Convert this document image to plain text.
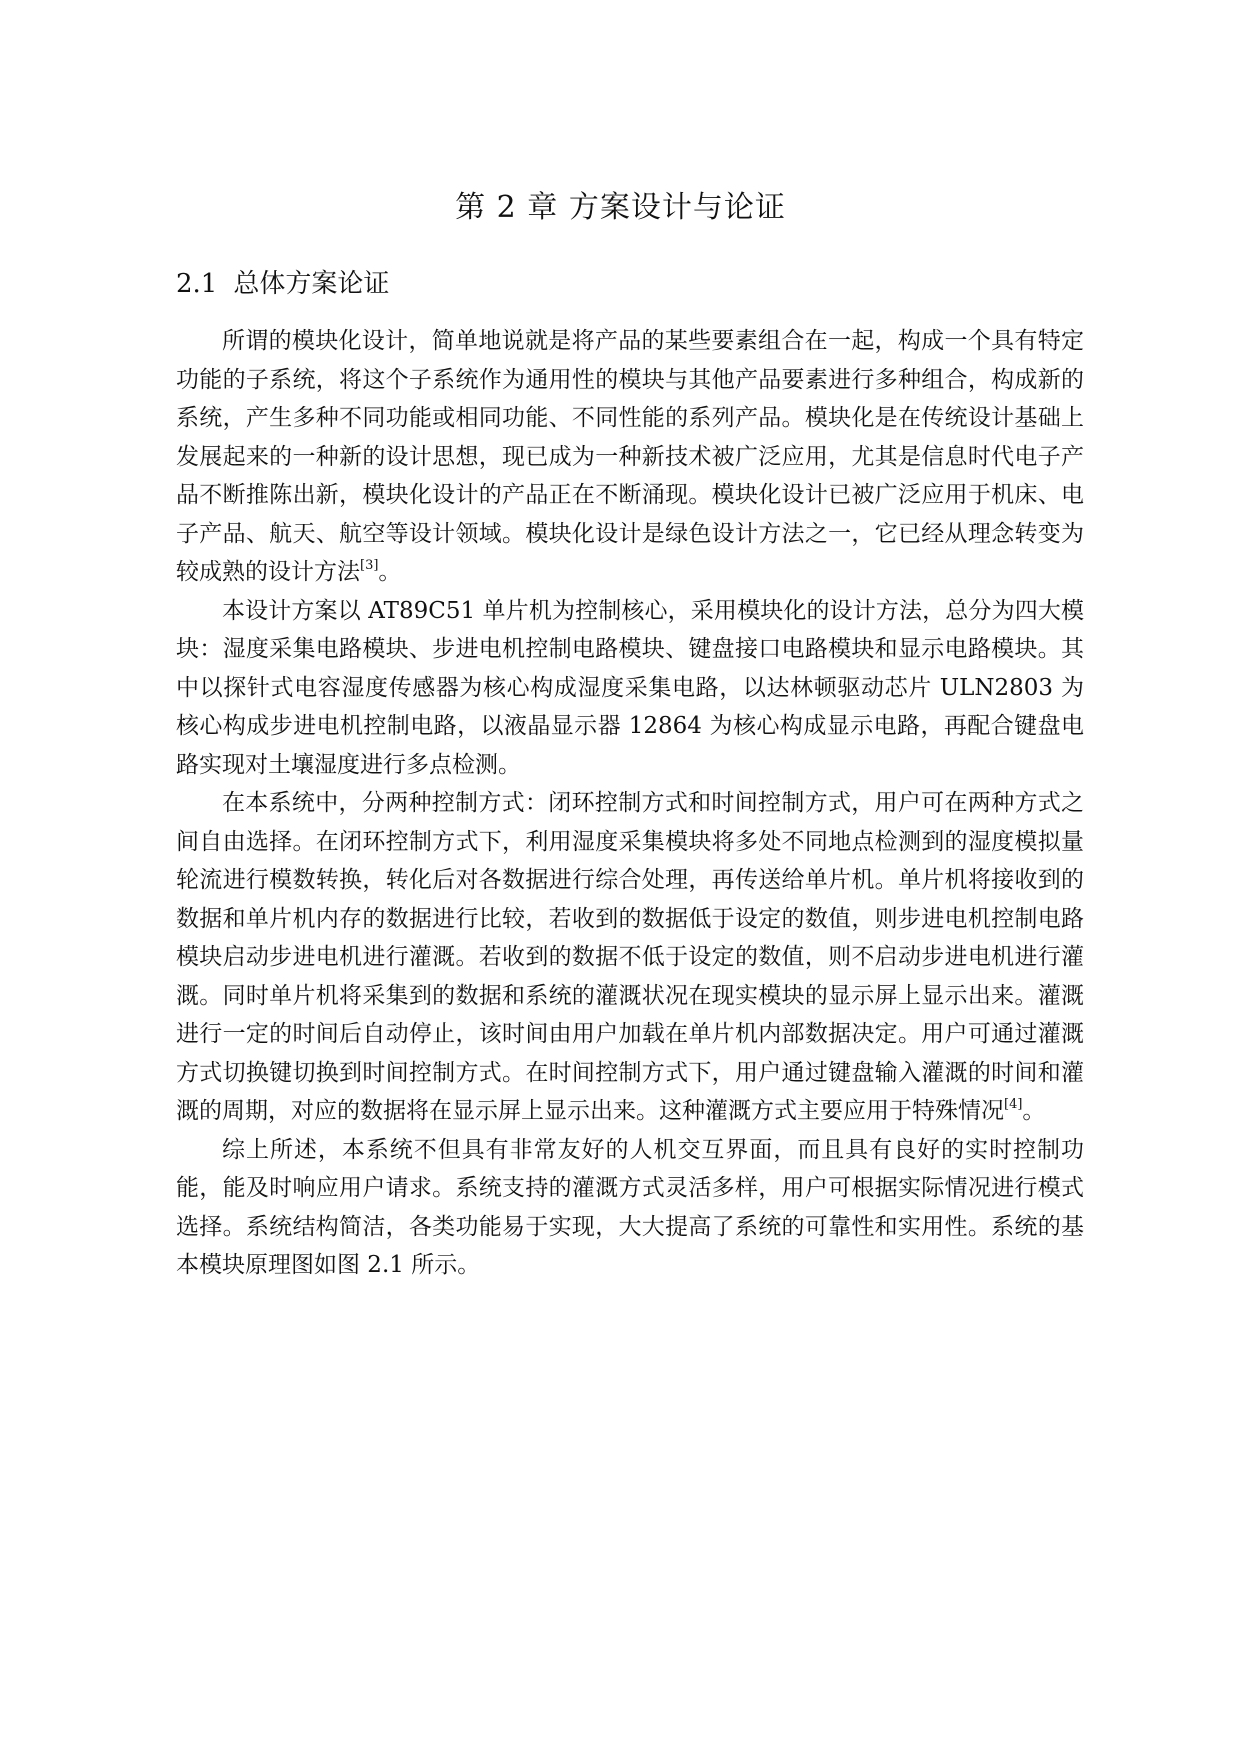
第 2 章 方案设计与论证
2.1 总体方案论证

所谓的模块化设计，简单地说就是将产品的某些要素组合在一起，构成一个具有特定功能的子系统，将这个子系统作为通用性的模块与其他产品要素进行多种组合，构成新的系统，产生多种不同功能或相同功能、不同性能的系列产品。模块化是在传统设计基础上发展起来的一种新的设计思想，现已成为一种新技术被广泛应用，尤其是信息时代电子产品不断推陈出新，模块化设计的产品正在不断涌现。模块化设计已被广泛应用于机床、电子产品、航天、航空等设计领域。模块化设计是绿色设计方法之一，它已经从理念转变为较成熟的设计方法[3]。

本设计方案以 AT89C51 单片机为控制核心，采用模块化的设计方法，总分为四大模块：湿度采集电路模块、步进电机控制电路模块、键盘接口电路模块和显示电路模块。其中以探针式电容湿度传感器为核心构成湿度采集电路，以达林顿驱动芯片 ULN2803 为核心构成步进电机控制电路，以液晶显示器 12864 为核心构成显示电路，再配合键盘电路实现对土壤湿度进行多点检测。

在本系统中，分两种控制方式：闭环控制方式和时间控制方式，用户可在两种方式之间自由选择。在闭环控制方式下，利用湿度采集模块将多处不同地点检测到的湿度模拟量轮流进行模数转换，转化后对各数据进行综合处理，再传送给单片机。单片机将接收到的数据和单片机内存的数据进行比较，若收到的数据低于设定的数值，则步进电机控制电路模块启动步进电机进行灌溉。若收到的数据不低于设定的数值，则不启动步进电机进行灌溉。同时单片机将采集到的数据和系统的灌溉状况在现实模块的显示屏上显示出来。灌溉进行一定的时间后自动停止，该时间由用户加载在单片机内部数据决定。用户可通过灌溉方式切换键切换到时间控制方式。在时间控制方式下，用户通过键盘输入灌溉的时间和灌溉的周期，对应的数据将在显示屏上显示出来。这种灌溉方式主要应用于特殊情况[4]。

综上所述，本系统不但具有非常友好的人机交互界面，而且具有良好的实时控制功能，能及时响应用户请求。系统支持的灌溉方式灵活多样，用户可根据实际情况进行模式选择。系统结构简洁，各类功能易于实现，大大提高了系统的可靠性和实用性。系统的基本模块原理图如图 2.1 所示。
